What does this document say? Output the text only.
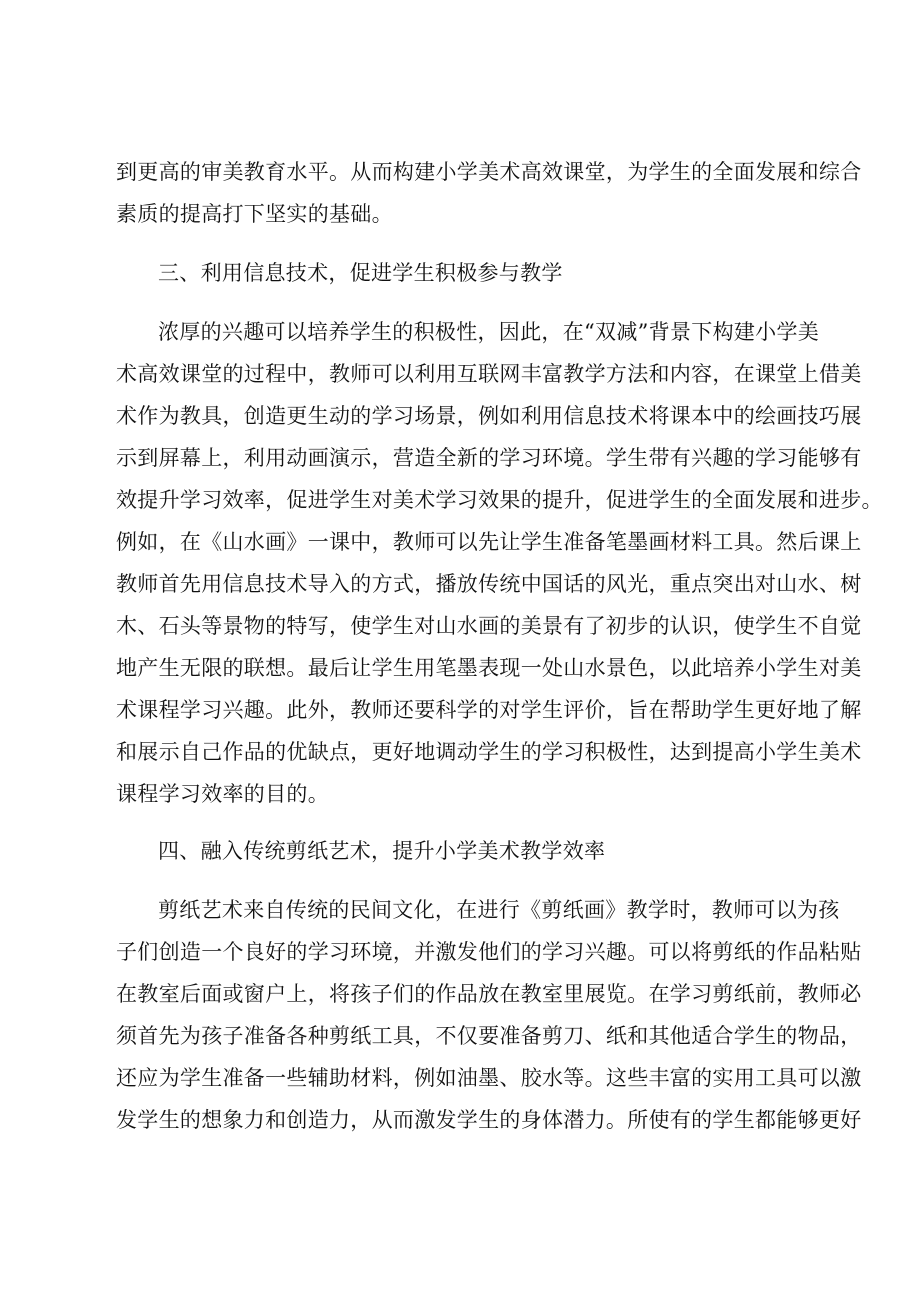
到更高的审美教育水平。从而构建小学美术高效课堂，为学生的全面发展和综合

素质的提高打下坚实的基础。

三、利用信息技术，促进学生积极参与教学

浓厚的兴趣可以培养学生的积极性，因此，在“双减”背景下构建小学美

术高效课堂的过程中，教师可以利用互联网丰富教学方法和内容，在课堂上借美

术作为教具，创造更生动的学习场景，例如利用信息技术将课本中的绘画技巧展

示到屏幕上，利用动画演示，营造全新的学习环境。学生带有兴趣的学习能够有

效提升学习效率，促进学生对美术学习效果的提升，促进学生的全面发展和进步。

例如，在《山水画》一课中，教师可以先让学生准备笔墨画材料工具。然后课上

教师首先用信息技术导入的方式，播放传统中国话的风光，重点突出对山水、树

木、石头等景物的特写，使学生对山水画的美景有了初步的认识，使学生不自觉

地产生无限的联想。最后让学生用笔墨表现一处山水景色，以此培养小学生对美

术课程学习兴趣。此外，教师还要科学的对学生评价，旨在帮助学生更好地了解

和展示自己作品的优缺点，更好地调动学生的学习积极性，达到提高小学生美术

课程学习效率的目的。

四、融入传统剪纸艺术，提升小学美术教学效率

剪纸艺术来自传统的民间文化，在进行《剪纸画》教学时，教师可以为孩

子们创造一个良好的学习环境，并激发他们的学习兴趣。可以将剪纸的作品粘贴

在教室后面或窗户上，将孩子们的作品放在教室里展览。在学习剪纸前，教师必

须首先为孩子准备各种剪纸工具，不仅要准备剪刀、纸和其他适合学生的物品，

还应为学生准备一些辅助材料，例如油墨、胶水等。这些丰富的实用工具可以激

发学生的想象力和创造力，从而激发学生的身体潜力。所使有的学生都能够更好
